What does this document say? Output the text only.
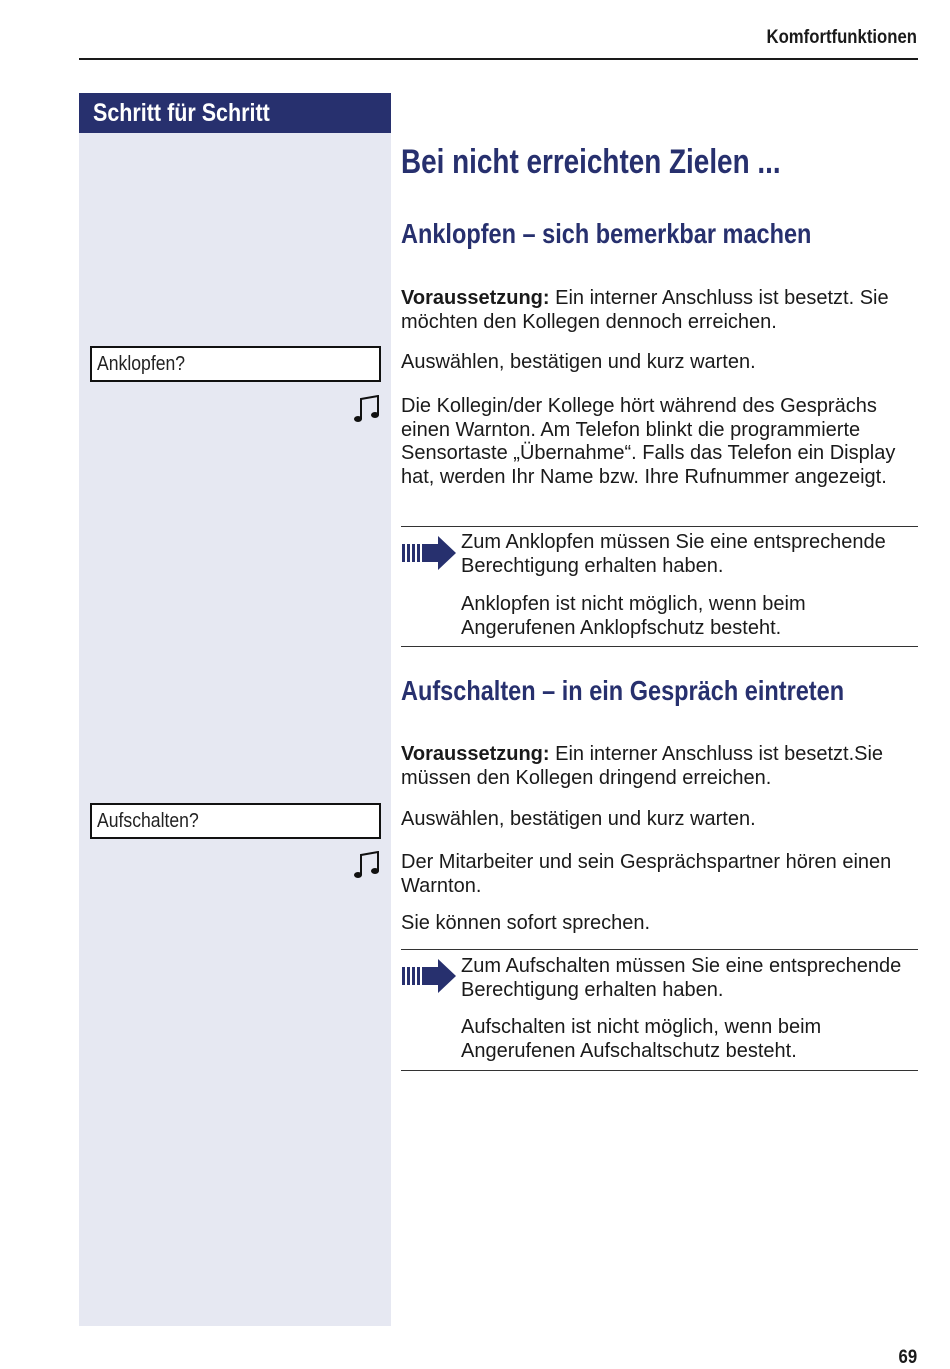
Komfortfunktionen
Schritt für Schritt
Bei nicht erreichten Zielen ...
Anklopfen – sich bemerkbar machen

Voraussetzung: Ein interner Anschluss ist besetzt. Sie möchten den Kollegen dennoch erreichen.

Anklopfen?	Auswählen, bestätigen und kurz warten.

Die Kollegin/der Kollege hört während des Gesprächs einen Warnton. Am Telefon blinkt die programmierte Sensortaste „Übernahme“. Falls das Telefon ein Display hat, werden Ihr Name bzw. Ihre Rufnummer angezeigt.

Zum Anklopfen müssen Sie eine entsprechende Berechtigung erhalten haben.

Anklopfen ist nicht möglich, wenn beim Angerufenen Anklopfschutz besteht.

Aufschalten – in ein Gespräch eintreten

Voraussetzung: Ein interner Anschluss ist besetzt.Sie müssen den Kollegen dringend erreichen.

Aufschalten?	Auswählen, bestätigen und kurz warten.

Der Mitarbeiter und sein Gesprächspartner hören einen Warnton.

Sie können sofort sprechen.

Zum Aufschalten müssen Sie eine entsprechende Berechtigung erhalten haben.

Aufschalten ist nicht möglich, wenn beim Angerufenen Aufschaltschutz besteht.

69
